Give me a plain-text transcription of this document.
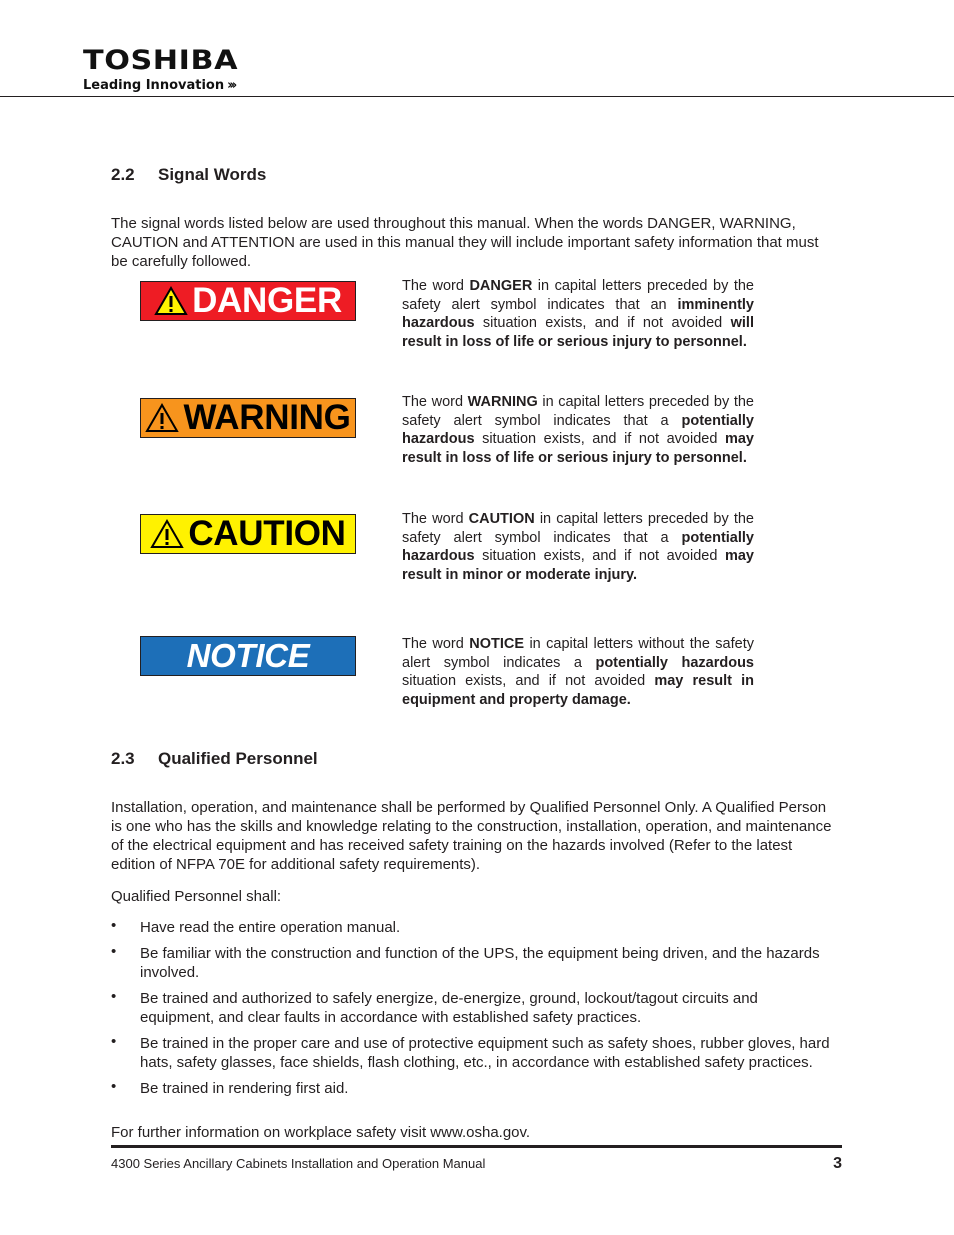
TOSHIBA
Leading Innovation ›››
2.2 Signal Words
The signal words listed below are used throughout this manual. When the words DANGER, WARNING, CAUTION and ATTENTION are used in this manual they will include important safety information that must be carefully followed.
DANGER	The word DANGER in capital letters preceded by the safety alert symbol indicates that an imminently hazardous situation exists, and if not avoided will result in loss of life or serious injury to personnel.
WARNING	The word WARNING in capital letters preceded by the safety alert symbol indicates that a potentially hazardous situation exists, and if not avoided may result in loss of life or serious injury to personnel.
CAUTION	The word CAUTION in capital letters preceded by the safety alert symbol indicates that a potentially hazardous situation exists, and if not avoided may result in minor or moderate injury.
NOTICE	The word NOTICE in capital letters without the safety alert symbol indicates a potentially hazardous situation exists, and if not avoided may result in equipment and property damage.
2.3 Qualified Personnel
Installation, operation, and maintenance shall be performed by Qualified Personnel Only. A Qualified Person is one who has the skills and knowledge relating to the construction, installation, operation, and maintenance of the electrical equipment and has received safety training on the hazards involved (Refer to the latest edition of NFPA 70E for additional safety requirements).
Qualified Personnel shall:
• Have read the entire operation manual.
• Be familiar with the construction and function of the UPS, the equipment being driven, and the hazards involved.
• Be trained and authorized to safely energize, de-energize, ground, lockout/tagout circuits and equipment, and clear faults in accordance with established safety practices.
• Be trained in the proper care and use of protective equipment such as safety shoes, rubber gloves, hard hats, safety glasses, face shields, flash clothing, etc., in accordance with established safety practices.
• Be trained in rendering first aid.
For further information on workplace safety visit www.osha.gov.
4300 Series Ancillary Cabinets Installation and Operation Manual	3
